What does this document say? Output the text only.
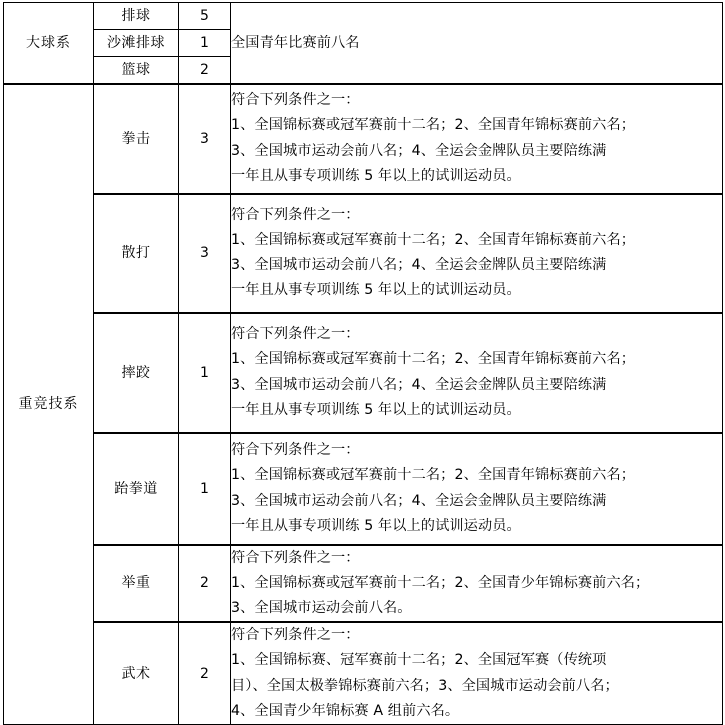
大球系	排球	5	全国青年比赛前八名

	沙滩排球	1	
	篮球	2	
重竞技系	拳击	3	符合下列条件之一：
1、全国锦标赛或冠军赛前十二名；2、全国青年锦标赛前六名；
3、全国城市运动会前八名；4、全运会金牌队员主要陪练满
一年且从事专项训练 5 年以上的试训运动员。

	散打	3	符合下列条件之一：
1、全国锦标赛或冠军赛前十二名；2、全国青年锦标赛前六名；
3、全国城市运动会前八名；4、全运会金牌队员主要陪练满
一年且从事专项训练 5 年以上的试训运动员。

	摔跤	1	符合下列条件之一：
1、全国锦标赛或冠军赛前十二名；2、全国青年锦标赛前六名；
3、全国城市运动会前八名；4、全运会金牌队员主要陪练满
一年且从事专项训练 5 年以上的试训运动员。

	跆拳道	1	符合下列条件之一：
1、全国锦标赛或冠军赛前十二名；2、全国青年锦标赛前六名；
3、全国城市运动会前八名；4、全运会金牌队员主要陪练满
一年且从事专项训练 5 年以上的试训运动员。

	举重	2	符合下列条件之一：
1、全国锦标赛或冠军赛前十二名；2、全国青少年锦标赛前六名；
3、全国城市运动会前八名。

	武术	2	符合下列条件之一：
1、全国锦标赛、冠军赛前十二名；2、全国冠军赛（传统项
目）、全国太极拳锦标赛前六名；3、全国城市运动会前八名；
4、全国青少年锦标赛 A 组前六名。
